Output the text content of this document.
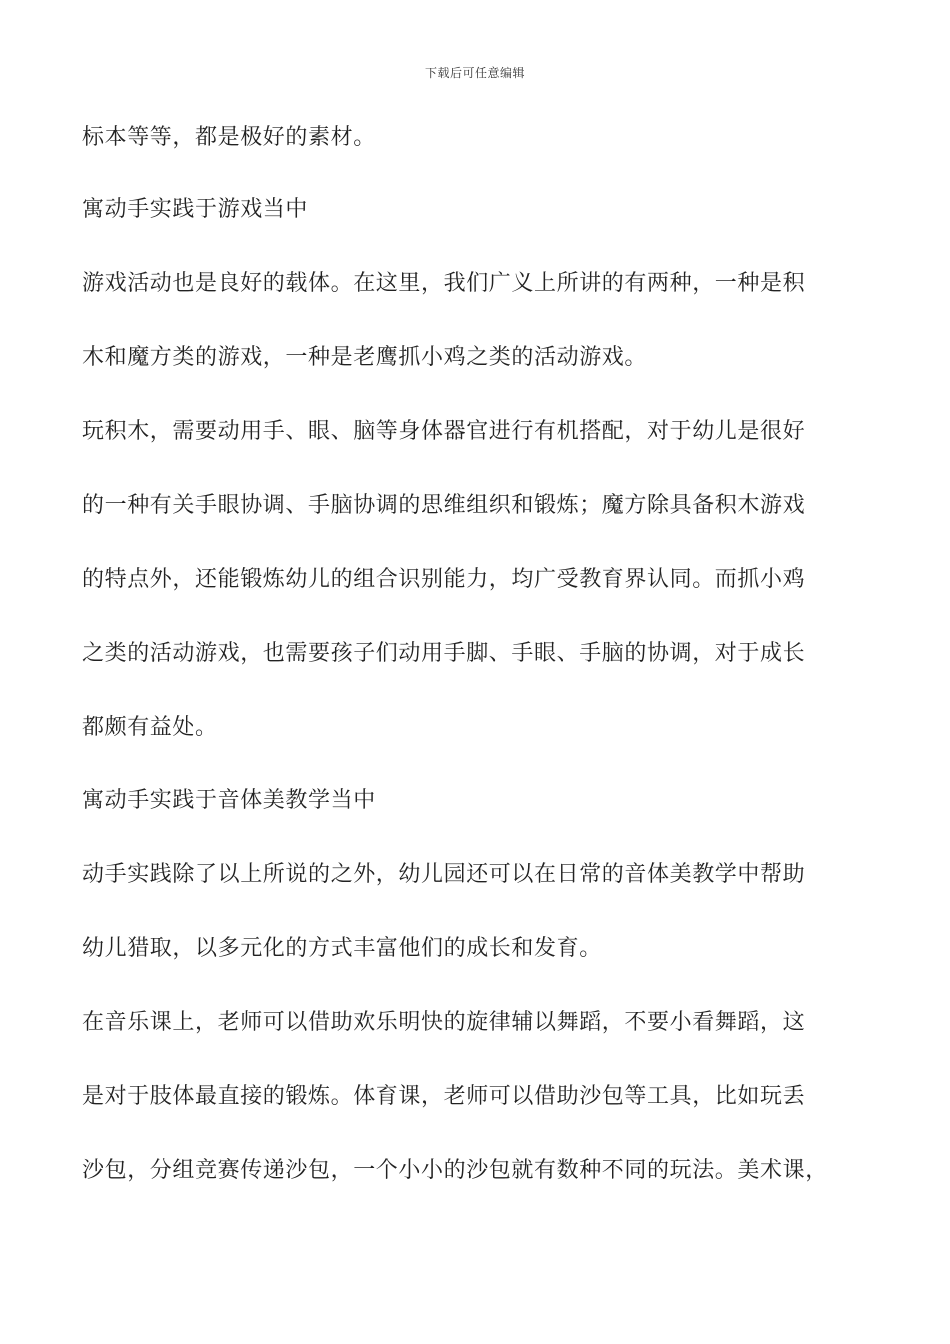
下载后可任意编辑
标本等等，都是极好的素材。
寓动手实践于游戏当中
游戏活动也是良好的载体。在这里，我们广义上所讲的有两种，一种是积
木和魔方类的游戏，一种是老鹰抓小鸡之类的活动游戏。
玩积木，需要动用手、眼、脑等身体器官进行有机搭配，对于幼儿是很好
的一种有关手眼协调、手脑协调的思维组织和锻炼；魔方除具备积木游戏
的特点外，还能锻炼幼儿的组合识别能力，均广受教育界认同。而抓小鸡
之类的活动游戏，也需要孩子们动用手脚、手眼、手脑的协调，对于成长
都颇有益处。
寓动手实践于音体美教学当中
动手实践除了以上所说的之外，幼儿园还可以在日常的音体美教学中帮助
幼儿猎取，以多元化的方式丰富他们的成长和发育。
在音乐课上，老师可以借助欢乐明快的旋律辅以舞蹈，不要小看舞蹈，这
是对于肢体最直接的锻炼。体育课，老师可以借助沙包等工具，比如玩丢
沙包，分组竞赛传递沙包，一个小小的沙包就有数种不同的玩法。美术课，
